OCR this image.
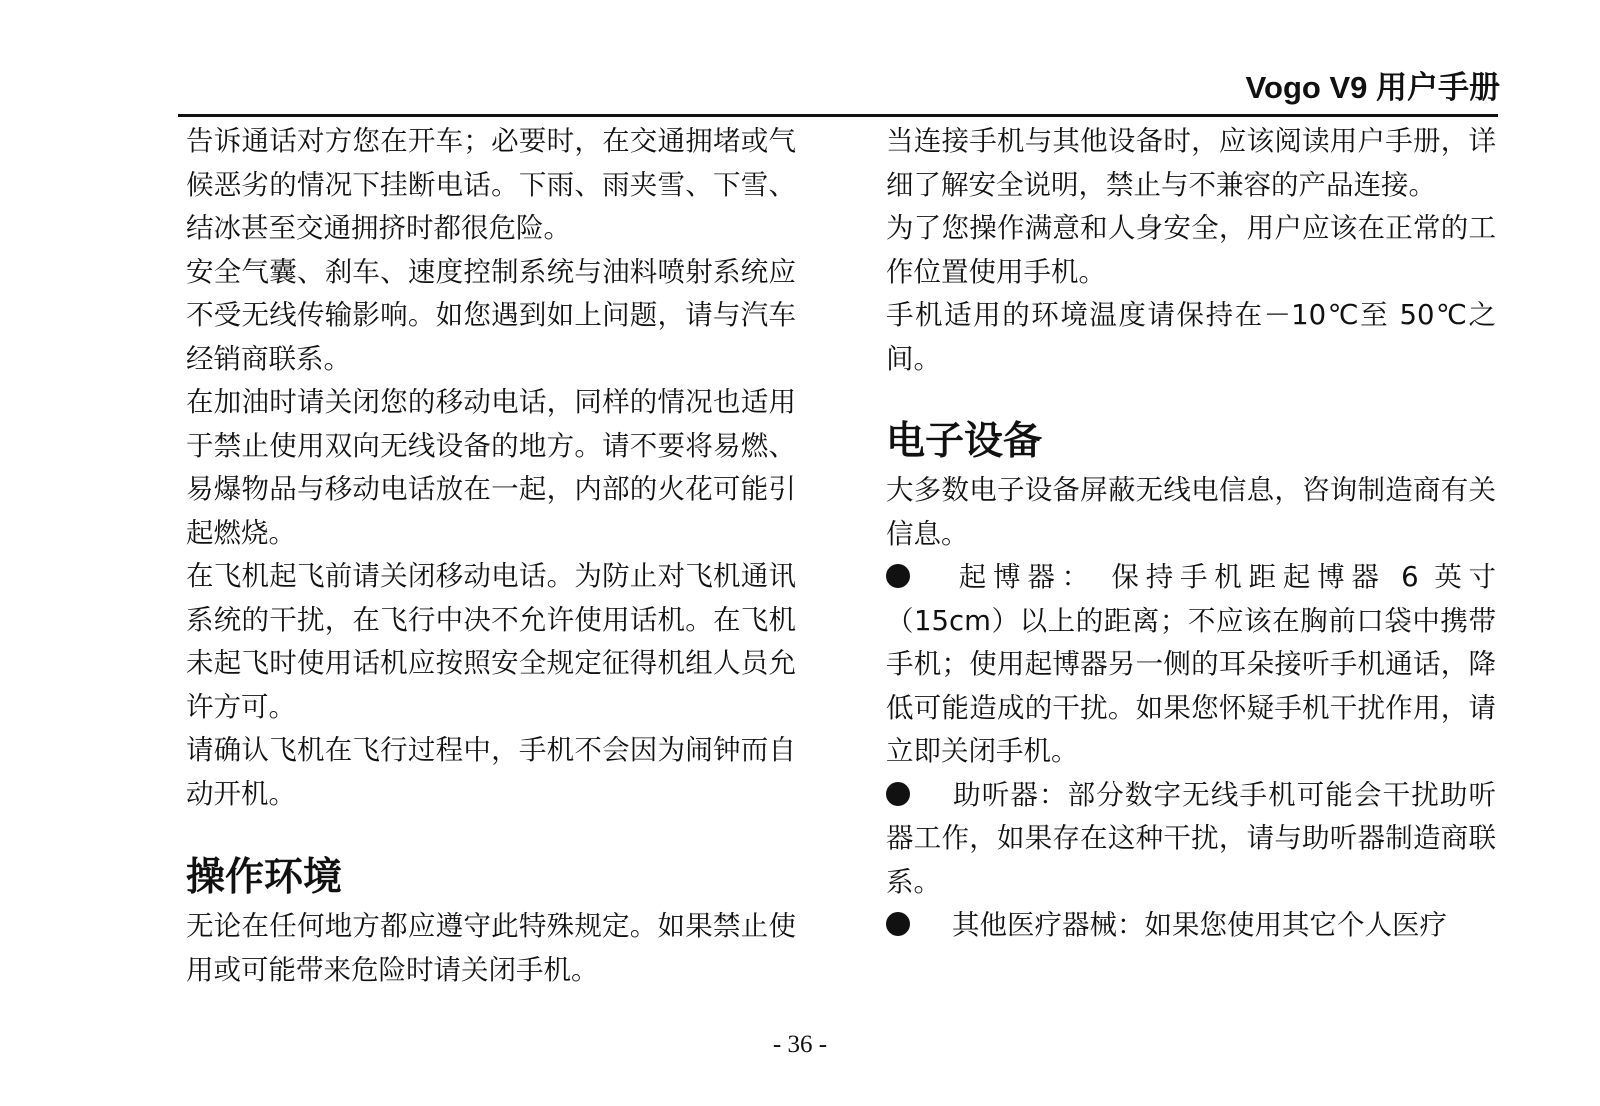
Vogo V9 用户手册

告诉通话对方您在开车；必要时，在交通拥堵或气候恶劣的情况下挂断电话。下雨、雨夹雪、下雪、结冰甚至交通拥挤时都很危险。

安全气囊、刹车、速度控制系统与油料喷射系统应不受无线传输影响。如您遇到如上问题，请与汽车经销商联系。

在加油时请关闭您的移动电话，同样的情况也适用于禁止使用双向无线设备的地方。请不要将易燃、易爆物品与移动电话放在一起，内部的火花可能引起燃烧。

在飞机起飞前请关闭移动电话。为防止对飞机通讯系统的干扰，在飞行中决不允许使用话机。在飞机未起飞时使用话机应按照安全规定征得机组人员允许方可。

请确认飞机在飞行过程中，手机不会因为闹钟而自动开机。

操作环境

无论在任何地方都应遵守此特殊规定。如果禁止使用或可能带来危险时请关闭手机。

当连接手机与其他设备时，应该阅读用户手册，详细了解安全说明，禁止与不兼容的产品连接。

为了您操作满意和人身安全，用户应该在正常的工作位置使用手机。

手机适用的环境温度请保持在－10℃至 50℃之间。

电子设备

大多数电子设备屏蔽无线电信息，咨询制造商有关信息。

起博器： 保持手机距起博器 6 英寸（15cm）以上的距离；不应该在胸前口袋中携带手机；使用起博器另一侧的耳朵接听手机通话，降低可能造成的干扰。如果您怀疑手机干扰作用，请立即关闭手机。

助听器：部分数字无线手机可能会干扰助听器工作，如果存在这种干扰，请与助听器制造商联系。

其他医疗器械：如果您使用其它个人医疗

- 36 -
